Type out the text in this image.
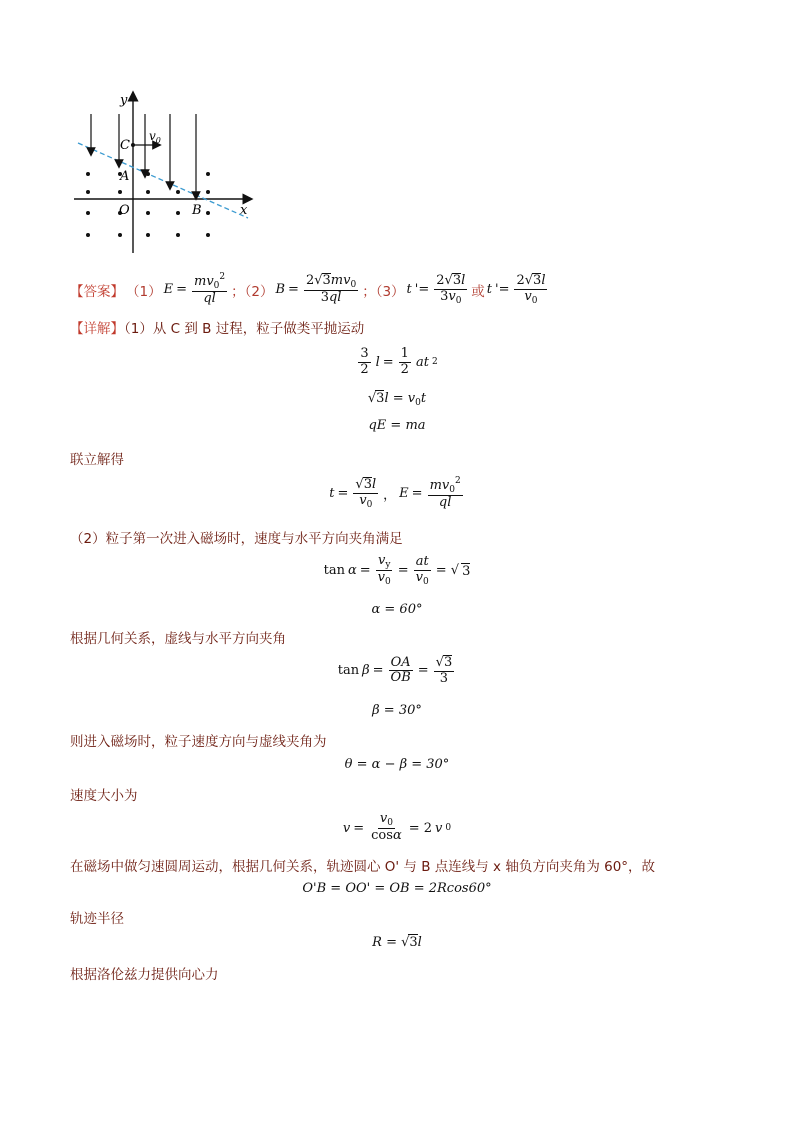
y
x
C
A
O	B
$v_0$
【答案】 （1） $E = \frac{mv_0^2}{ql}$ ；（2） $B = \frac{2√3mv_0}{3ql}$ ；（3） t '= $\frac{2√3l}{3v_0}$ 或 t '= $\frac{2√3l}{v_0}$
【详解】（1）从 C 到 B 过程，粒子做类平抛运动
$\frac{3}{2}$ $l = \frac{1}{2}$ at 2
$√3l = v_0t$
qE = ma
联立解得
$t = \frac{√3l}{v_0}$ ， $E = \frac{mv_0^2}{ql}$
（2）粒子第一次进入磁场时，速度与水平方向夹角满足
$\tan \alpha = \frac{v_y}{v_0} = \frac{at}{v_0}$ = √ 3
α = 60°
根据几何关系，虚线与水平方向夹角
$\tan \beta = \frac{OA}{OB} = \frac{√3}{3}$
β = 30°
则进入磁场时，粒子速度方向与虚线夹角为
θ = α − β = 30°
速度大小为
$v = \frac{v_0}{\cos\alpha} = 2$ v 0
在磁场中做匀速圆周运动，根据几何关系，轨迹圆心 O' 与 B 点连线与 x 轴负方向夹角为 60°，故
O'B = OO' = OB = 2Rcos60°
轨迹半径
R = √3l
根据洛伦兹力提供向心力
